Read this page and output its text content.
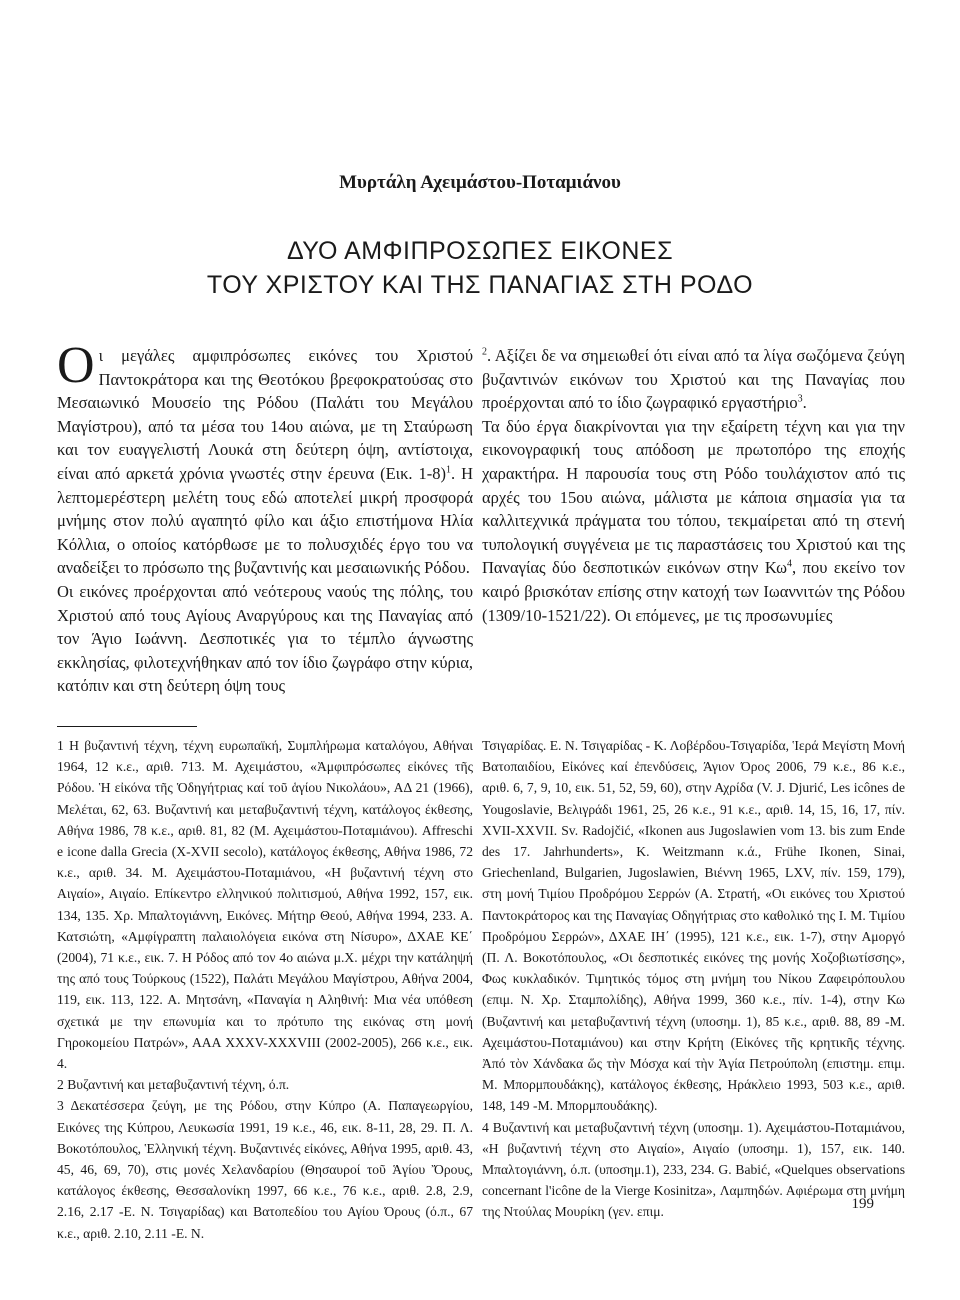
Μυρτάλη Αχειμάστου-Ποταμιάνου
ΔΥΟ ΑΜΦΙΠΡΟΣΩΠΕΣ ΕΙΚΟΝΕΣ
ΤΟΥ ΧΡΙΣΤΟΥ ΚΑΙ ΤΗΣ ΠΑΝΑΓΙΑΣ ΣΤΗ ΡΟΔΟ

Οι μεγάλες αμφιπρόσωπες εικόνες του Χριστού Παντοκράτορα και της Θεοτόκου βρεφοκρατούσας στο Μεσαιωνικό Μουσείο της Ρόδου (Παλάτι του Μεγάλου Μαγίστρου), από τα μέσα του 14ου αιώνα, με τη Σταύρωση και τον ευαγγελιστή Λουκά στη δεύτερη όψη, αντίστοιχα, είναι από αρκετά χρόνια γνωστές στην έρευνα (Εικ. 1-8)$^1$. Η λεπτομερέστερη μελέτη τους εδώ αποτελεί μικρή προσφορά μνήμης στον πολύ αγαπητό φίλο και άξιο επιστήμονα Ηλία Κόλλια, ο οποίος κατόρθωσε με το πολυσχιδές έργο του να αναδείξει το πρόσωπο της βυζαντινής και μεσαιωνικής Ρόδου.

Οι εικόνες προέρχονται από νεότερους ναούς της πόλης, του Χριστού από τους Αγίους Αναργύρους και της Παναγίας από τον Άγιο Ιωάννη. Δεσποτικές για το τέμπλο άγνωστης εκκλησίας, φιλοτεχνήθηκαν από τον ίδιο ζωγράφο στην κύρια, κατόπιν και στη δεύτερη όψη τους

$^2$. Αξίζει δε να σημειωθεί ότι είναι από τα λίγα σωζόμενα ζεύγη βυζαντινών εικόνων του Χριστού και της Παναγίας που προέρχονται από το ίδιο ζωγραφικό εργαστήριο$^3$.

Τα δύο έργα διακρίνονται για την εξαίρετη τέχνη και για την εικονογραφική τους απόδοση με πρωτοπόρο της εποχής χαρακτήρα. Η παρουσία τους στη Ρόδο τουλάχιστον από τις αρχές του 15ου αιώνα, μάλιστα με κάποια σημασία για τα καλλιτεχνικά πράγματα του τόπου, τεκμαίρεται από τη στενή τυπολογική συγγένεια με τις παραστάσεις του Χριστού και της Παναγίας δύο δεσποτικών εικόνων στην $K\omega^4$, που εκείνο τον καιρό βρισκόταν επίσης στην κατοχή των Ιωαννιτών της Ρόδου (1309/10-1521/22). Οι επόμενες, με τις προσωνυμίες

1 Η βυζαντινή τέχνη, τέχνη ευρωπαϊκή, Συμπλήρωμα καταλόγου, Αθήναι 1964, 12 κ.ε., αριθ. 713. Μ. Αχειμάστου, «Ἀμφιπρόσωπες εἰκόνες τῆς Ρόδου. Ἡ εἰκόνα τῆς Ὁδηγήτριας καί τοῦ ἁγίου Νικολάου», ΑΔ 21 (1966), Μελέται, 62, 63. Βυζαντινή και μεταβυζαντινή τέχνη, κατάλογος έκθεσης, Αθήνα 1986, 78 κ.ε., αριθ. 81, 82 (Μ. Αχειμάστου-Ποταμιάνου). Affreschi e icone dalla Grecia (X-XVII secolo), κατάλογος έκθεσης, Αθήνα 1986, 72 κ.ε., αριθ. 34. Μ. Αχειμάστου-Ποταμιάνου, «Η βυζαντινή τέχνη στο Αιγαίο», Αιγαίο. Επίκεντρο ελληνικού πολιτισμού, Αθήνα 1992, 157, εικ. 134, 135. Χρ. Μπαλτογιάννη, Εικόνες. Μήτηρ Θεού, Αθήνα 1994, 233. Α. Κατσιώτη, «Αμφίγραπτη παλαιολόγεια εικόνα στη Νίσυρο», ΔΧΑΕ ΚΕ΄ (2004), 71 κ.ε., εικ. 7. Η Ρόδος από τον 4ο αιώνα μ.Χ. μέχρι την κατάληψή της από τους Τούρκους (1522), Παλάτι Μεγάλου Μαγίστρου, Αθήνα 2004, 119, εικ. 113, 122. Α. Μητσάνη, «Παναγία η Αληθινή: Μια νέα υπόθεση σχετικά με την επωνυμία και το πρότυπο της εικόνας στη μονή Γηροκομείου Πατρών», ΑΑΑ XXXV-XXXVIII (2002-2005), 266 κ.ε., εικ. 4.

2 Βυζαντινή και μεταβυζαντινή τέχνη, ό.π.

3 Δεκατέσσερα ζεύγη, με της Ρόδου, στην Κύπρο (Α. Παπαγεωργίου, Εικόνες της Κύπρου, Λευκωσία 1991, 19 κ.ε., 46, εικ. 8-11, 28, 29. Π. Λ. Βοκοτόπουλος, Ἑλληνική τέχνη. Βυζαντινές εἰκόνες, Αθήνα 1995, αριθ. 43, 45, 46, 69, 70), στις μονές Χελανδαρίου (Θησαυροί τοῦ Ἁγίου Ὄρους, κατάλογος έκθεσης, Θεσσαλονίκη 1997, 66 κ.ε., 76 κ.ε., αριθ. 2.8, 2.9, 2.16, 2.17 -Ε. Ν. Τσιγαρίδας) και Βατοπεδίου του Αγίου Όρους (ό.π., 67 κ.ε., αριθ. 2.10, 2.11 -Ε. Ν.

Τσιγαρίδας. Ε. Ν. Τσιγαρίδας - Κ. Λοβέρδου-Τσιγαρίδα, Ἱερά Μεγίστη Μονή Βατοπαιδίου, Εἰκόνες καί ἐπενδύσεις, Άγιον Όρος 2006, 79 κ.ε., 86 κ.ε., αριθ. 6, 7, 9, 10, εικ. 51, 52, 59, 60), στην Αχρίδα (V. J. Djurić, Les icônes de Yougoslavie, Βελιγράδι 1961, 25, 26 κ.ε., 91 κ.ε., αριθ. 14, 15, 16, 17, πίν. XVII-XXVII. Sv. Radojčić, «Ikonen aus Jugoslawien vom 13. bis zum Ende des 17. Jahrhunderts», K. Weitzmann κ.ά., Frühe Ikonen, Sinai, Griechenland, Bulgarien, Jugoslawien, Βιέννη 1965, LXV, πίν. 159, 179), στη μονή Τιμίου Προδρόμου Σερρών (Α. Στρατή, «Οι εικόνες του Χριστού Παντοκράτορος και της Παναγίας Οδηγήτριας στο καθολικό της Ι. Μ. Τιμίου Προδρόμου Σερρών», ΔΧΑΕ ΙΗ΄ (1995), 121 κ.ε., εικ. 1-7), στην Αμοργό (Π. Λ. Βοκοτόπουλος, «Οι δεσποτικές εικόνες της μονής Χοζοβιωτίσσης», Φως κυκλαδικόν. Τιμητικός τόμος στη μνήμη του Νίκου Ζαφειρόπουλου (επιμ. Ν. Χρ. Σταμπολίδης), Αθήνα 1999, 360 κ.ε., πίν. 1-4), στην Κω (Βυζαντινή και μεταβυζαντινή τέχνη (υποσημ. 1), 85 κ.ε., αριθ. 88, 89 -Μ. Αχειμάστου-Ποταμιάνου) και στην Κρήτη (Εἰκόνες τῆς κρητικῆς τέχνης. Ἀπό τὸν Χάνδακα ὥς τὴν Μόσχα καί τὴν Ἁγία Πετρούπολη (επιστημ. επιμ. Μ. Μπορμπουδάκης), κατάλογος έκθεσης, Ηράκλειο 1993, 503 κ.ε., αριθ. 148, 149 -Μ. Μπορμπουδάκης).

4 Βυζαντινή και μεταβυζαντινή τέχνη (υποσημ. 1). Αχειμάστου-Ποταμιάνου, «Η βυζαντινή τέχνη στο Αιγαίο», Αιγαίο (υποσημ. 1), 157, εικ. 140. Μπαλτογιάννη, ό.π. (υποσημ.1), 233, 234. G. Babić, «Quelques observations concernant l'icône de la Vierge Kosinitza», Λαμπηδών. Αφιέρωμα στη μνήμη της Ντούλας Μουρίκη (γεν. επιμ.	199
